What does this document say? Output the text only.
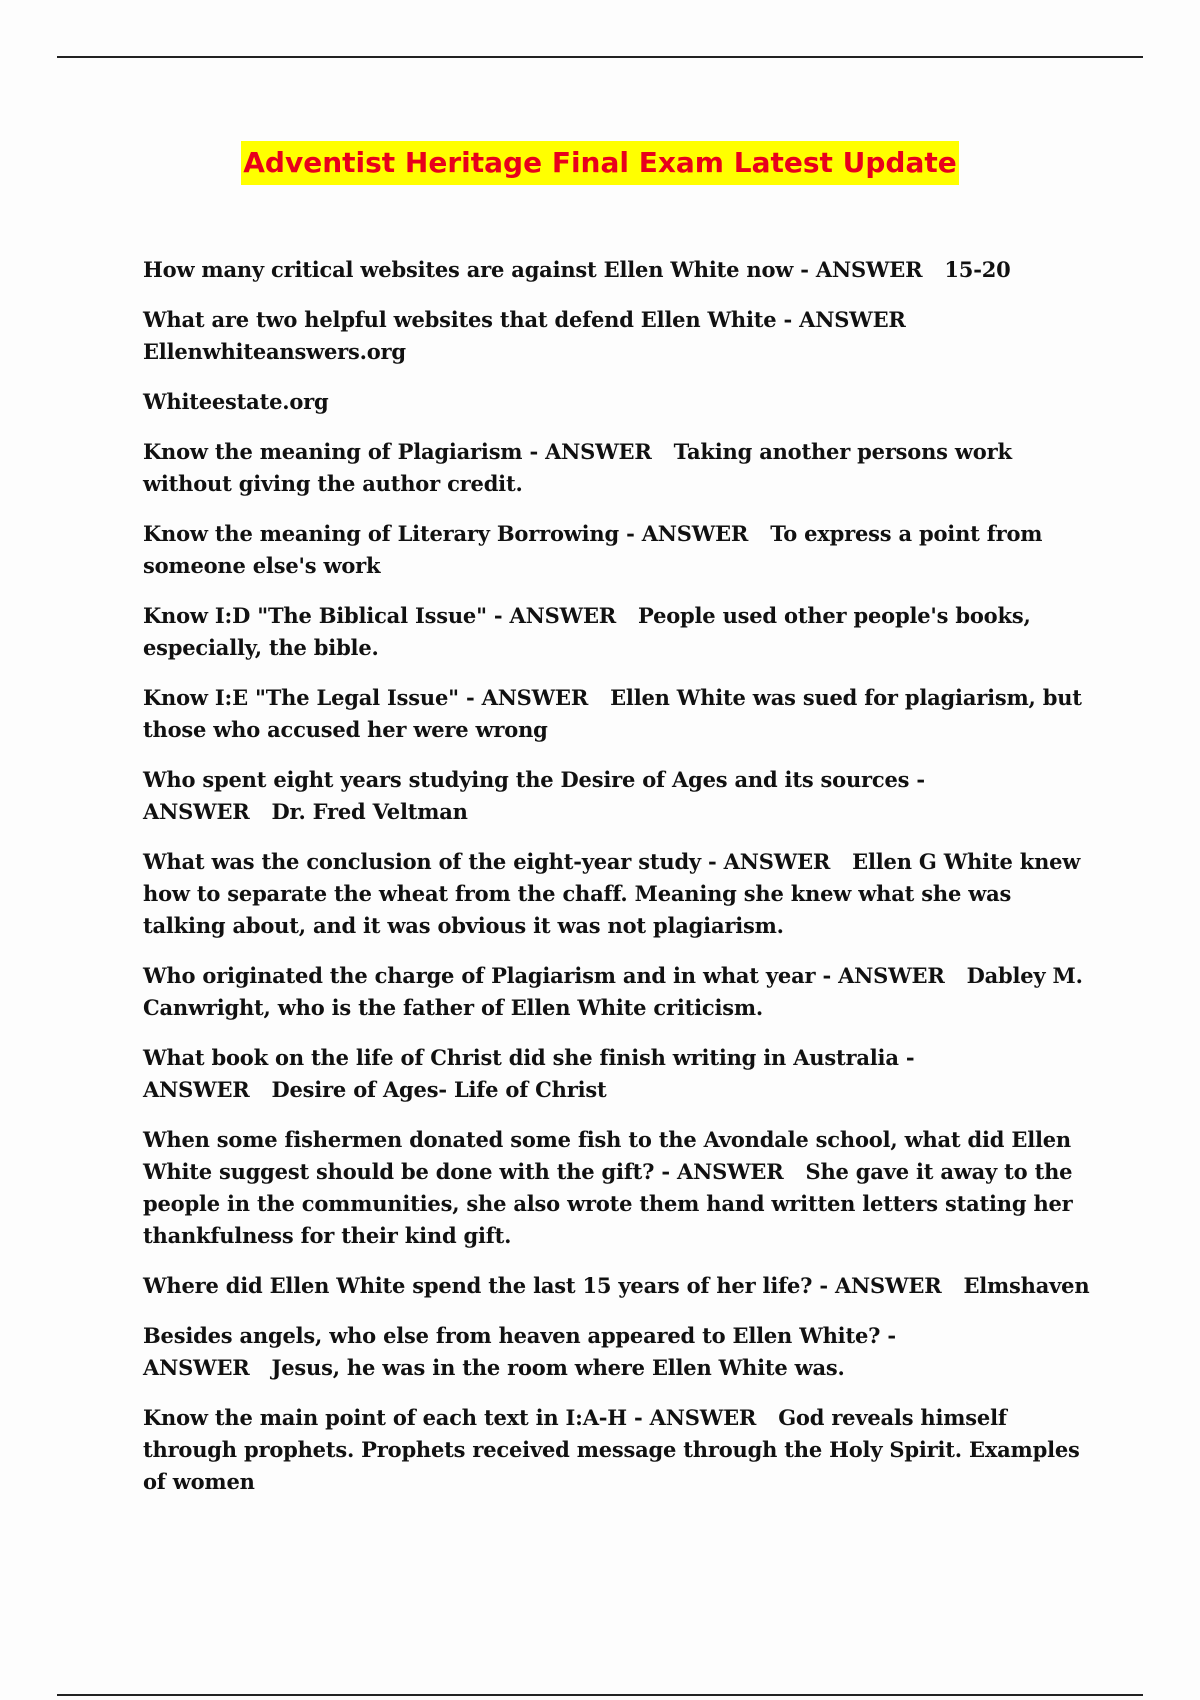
Adventist Heritage Final Exam Latest Update

How many critical websites are against Ellen White now - ANSWER 15-20

What are two helpful websites that defend Ellen White - ANSWER
Ellenwhiteanswers.org

Whiteestate.org

Know the meaning of Plagiarism - ANSWER Taking another persons work without giving the author credit.

Know the meaning of Literary Borrowing - ANSWER To express a point from someone else's work

Know I:D "The Biblical Issue" - ANSWER People used other people's books, especially, the bible.

Know I:E "The Legal Issue" - ANSWER Ellen White was sued for plagiarism, but those who accused her were wrong

Who spent eight years studying the Desire of Ages and its sources - ANSWER Dr. Fred Veltman

What was the conclusion of the eight-year study - ANSWER Ellen G White knew how to separate the wheat from the chaff. Meaning she knew what she was talking about, and it was obvious it was not plagiarism.

Who originated the charge of Plagiarism and in what year - ANSWER Dabley M. Canwright, who is the father of Ellen White criticism.

What book on the life of Christ did she finish writing in Australia - ANSWER Desire of Ages- Life of Christ

When some fishermen donated some fish to the Avondale school, what did Ellen White suggest should be done with the gift? - ANSWER She gave it away to the people in the communities, she also wrote them hand written letters stating her thankfulness for their kind gift.

Where did Ellen White spend the last 15 years of her life? - ANSWER Elmshaven

Besides angels, who else from heaven appeared to Ellen White? - ANSWER Jesus, he was in the room where Ellen White was.

Know the main point of each text in I:A-H - ANSWER God reveals himself through prophets. Prophets received message through the Holy Spirit. Examples of women
